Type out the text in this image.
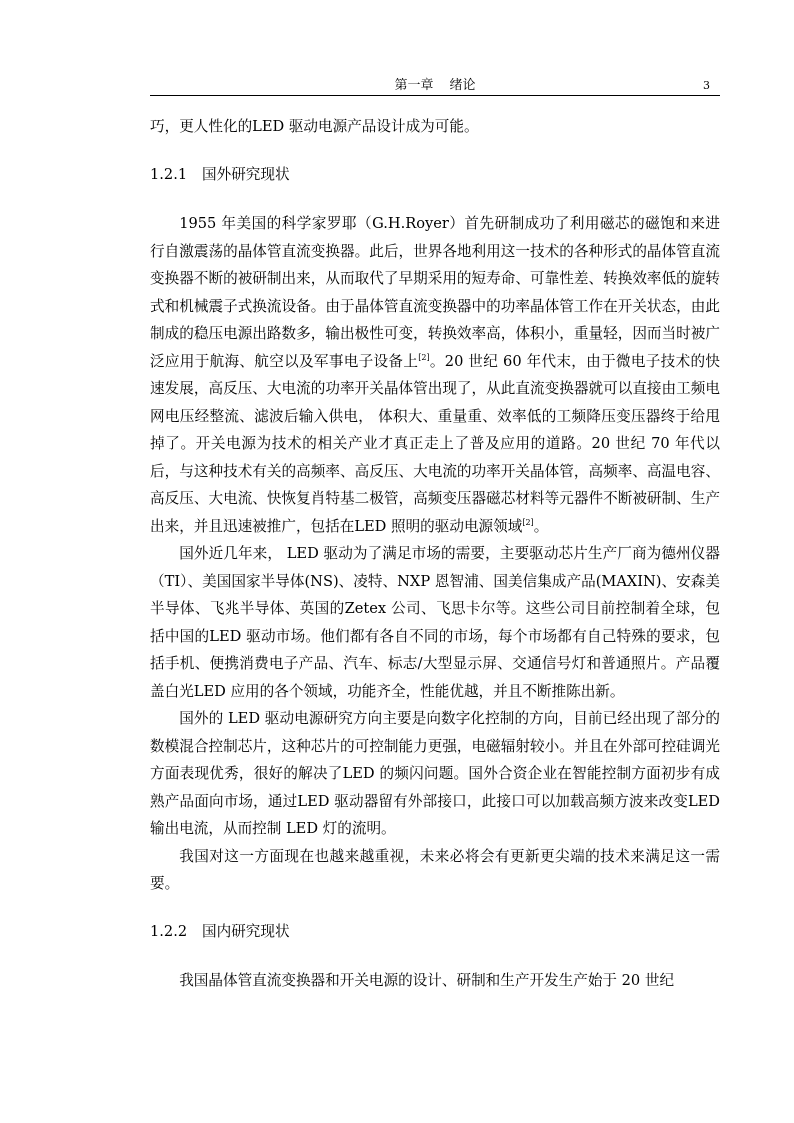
第一章 绪论	3

巧，更人性化的LED 驱动电源产品设计成为可能。

1.2.1 国外研究现状

1955 年美国的科学家罗耶（G.H.Royer）首先研制成功了利用磁芯的磁饱和来进行自激震荡的晶体管直流变换器。此后，世界各地利用这一技术的各种形式的晶体管直流变换器不断的被研制出来，从而取代了早期采用的短寿命、可靠性差、转换效率低的旋转式和机械震子式换流设备。由于晶体管直流变换器中的功率晶体管工作在开关状态，由此制成的稳压电源出路数多，输出极性可变，转换效率高，体积小，重量轻，因而当时被广泛应用于航海、航空以及军事电子设备上[2]。20 世纪 60 年代末，由于微电子技术的快速发展，高反压、大电流的功率开关晶体管出现了，从此直流变换器就可以直接由工频电网电压经整流、滤波后输入供电， 体积大、重量重、效率低的工频降压变压器终于给甩掉了。开关电源为技术的相关产业才真正走上了普及应用的道路。20 世纪 70 年代以后，与这种技术有关的高频率、高反压、大电流的功率开关晶体管，高频率、高温电容、高反压、大电流、快恢复肖特基二极管，高频变压器磁芯材料等元器件不断被研制、生产出来，并且迅速被推广，包括在LED 照明的驱动电源领域[2]。

国外近几年来， LED 驱动为了满足市场的需要，主要驱动芯片生产厂商为德州仪器（TI）、美国国家半导体(NS)、凌特、NXP 恩智浦、国美信集成产品(MAXIN)、安森美半导体、飞兆半导体、英国的Zetex 公司、飞思卡尔等。这些公司目前控制着全球，包括中国的LED 驱动市场。他们都有各自不同的市场，每个市场都有自己特殊的要求，包括手机、便携消费电子产品、汽车、标志/大型显示屏、交通信号灯和普通照片。产品覆盖白光LED 应用的各个领域，功能齐全，性能优越，并且不断推陈出新。

国外的 LED 驱动电源研究方向主要是向数字化控制的方向，目前已经出现了部分的数模混合控制芯片，这种芯片的可控制能力更强，电磁辐射较小。并且在外部可控硅调光方面表现优秀，很好的解决了LED 的频闪问题。国外合资企业在智能控制方面初步有成熟产品面向市场，通过LED 驱动器留有外部接口，此接口可以加载高频方波来改变LED 输出电流，从而控制 LED 灯的流明。

我国对这一方面现在也越来越重视，未来必将会有更新更尖端的技术来满足这一需要。

1.2.2 国内研究现状

我国晶体管直流变换器和开关电源的设计、研制和生产开发生产始于 20 世纪
